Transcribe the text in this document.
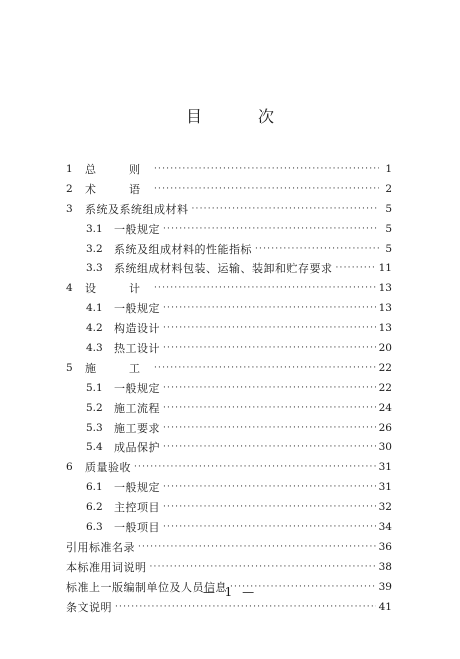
目　次
1	总　则 ·····	1
2	术　语 ·····	2
3	系统及系统组成材料 ·····	5
3.1	一般规定 ·····	5
3.2	系统及组成材料的性能指标 ·····	5
3.3	系统组成材料包装、运输、装卸和贮存要求 ·····	11
4	设　计 ·····	13
4.1	一般规定 ·····	13
4.2	构造设计 ·····	13
4.3	热工设计 ·····	20
5	施　工 ·····	22
5.1	一般规定 ·····	22
5.2	施工流程 ·····	24
5.3	施工要求 ·····	26
5.4	成品保护 ·····	30
6	质量验收 ·····	31
6.1	一般规定 ·····	31
6.2	主控项目 ·····	32
6.3	一般项目 ·····	34
引用标准名录 ·····	36
本标准用词说明 ·····	38
标准上一版编制单位及人员信息 ·····	39
条文说明 ·····	41
— 1 —
